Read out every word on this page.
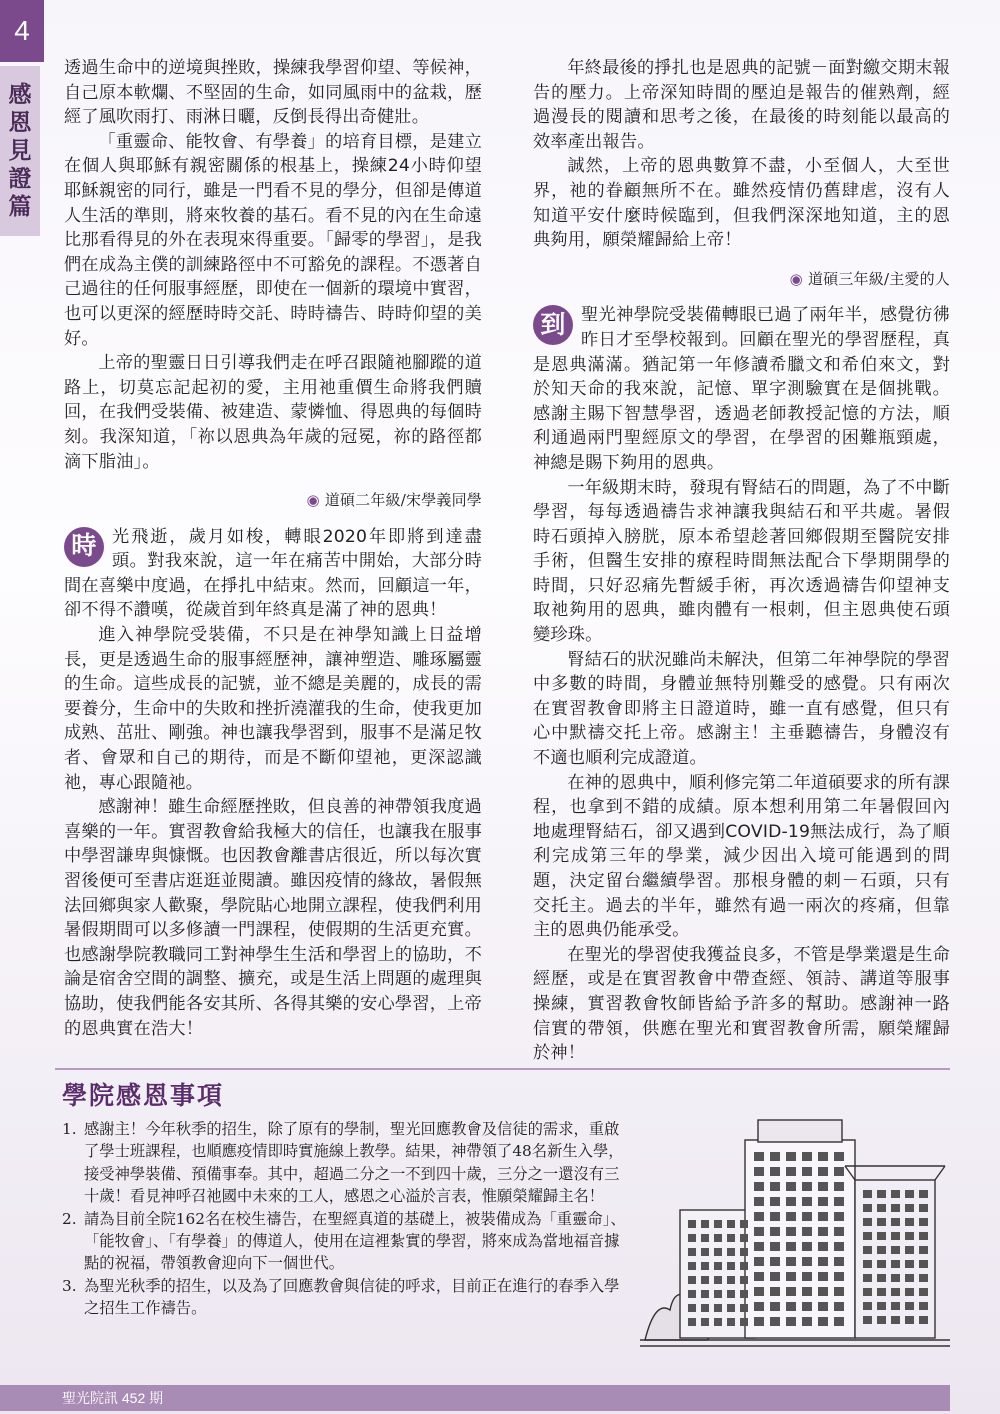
4
感
恩
見
證
篇

透過生命中的逆境與挫敗，操練我學習仰望、等候神，自己原本軟爛、不堅固的生命，如同風雨中的盆栽，歷經了風吹雨打、雨淋日曬，反倒長得出奇健壯。

「重靈命、能牧會、有學養」的培育目標，是建立在個人與耶穌有親密關係的根基上，操練24小時仰望耶穌親密的同行，雖是一門看不見的學分，但卻是傳道人生活的準則，將來牧養的基石。看不見的內在生命遠比那看得見的外在表現來得重要。「歸零的學習」，是我們在成為主僕的訓練路徑中不可豁免的課程。不憑著自己過往的任何服事經歷，即使在一個新的環境中實習，也可以更深的經歷時時交託、時時禱告、時時仰望的美好。

上帝的聖靈日日引導我們走在呼召跟隨祂腳蹤的道路上，切莫忘記起初的愛，主用祂重價生命將我們贖回，在我們受裝備、被建造、蒙憐恤、得恩典的每個時刻。我深知道，「祢以恩典為年歲的冠冕，祢的路徑都滴下脂油」。

◉ 道碩二年級/宋學義同學

時 光飛逝，歲月如梭，轉眼2020年即將到達盡頭。對我來說，這一年在痛苦中開始，大部分時間在喜樂中度過，在掙扎中結束。然而，回顧這一年，卻不得不讚嘆，從歲首到年終真是滿了神的恩典！

進入神學院受裝備，不只是在神學知識上日益增長，更是透過生命的服事經歷神，讓神塑造、雕琢屬靈的生命。這些成長的記號，並不總是美麗的，成長的需要養分，生命中的失敗和挫折澆灌我的生命，使我更加成熟、茁壯、剛強。神也讓我學習到，服事不是滿足牧者、會眾和自己的期待，而是不斷仰望祂，更深認識祂，專心跟隨祂。

感謝神！雖生命經歷挫敗，但良善的神帶領我度過喜樂的一年。實習教會給我極大的信任，也讓我在服事中學習謙卑與慷慨。也因教會離書店很近，所以每次實習後便可至書店逛逛並閱讀。雖因疫情的緣故，暑假無法回鄉與家人歡聚，學院貼心地開立課程，使我們利用暑假期間可以多修讀一門課程，使假期的生活更充實。也感謝學院教職同工對神學生生活和學習上的協助，不論是宿舍空間的調整、擴充，或是生活上問題的處理與協助，使我們能各安其所、各得其樂的安心學習，上帝的恩典實在浩大！

年終最後的掙扎也是恩典的記號－面對繳交期末報告的壓力。上帝深知時間的壓迫是報告的催熟劑，經過漫長的閱讀和思考之後，在最後的時刻能以最高的效率產出報告。

誠然，上帝的恩典數算不盡，小至個人，大至世界，祂的眷顧無所不在。雖然疫情仍舊肆虐，沒有人知道平安什麼時候臨到，但我們深深地知道，主的恩典夠用，願榮耀歸給上帝！

◉ 道碩三年級/主愛的人

到 聖光神學院受裝備轉眼已過了兩年半，感覺彷彿昨日才至學校報到。回顧在聖光的學習歷程，真是恩典滿滿。猶記第一年修讀希臘文和希伯來文，對於知天命的我來說，記憶、單字測驗實在是個挑戰。感謝主賜下智慧學習，透過老師教授記憶的方法，順利通過兩門聖經原文的學習，在學習的困難瓶頸處，神總是賜下夠用的恩典。

一年級期末時，發現有腎結石的問題，為了不中斷學習，每每透過禱告求神讓我與結石和平共處。暑假時石頭掉入膀胱，原本希望趁著回鄉假期至醫院安排手術，但醫生安排的療程時間無法配合下學期開學的時間，只好忍痛先暫緩手術，再次透過禱告仰望神支取祂夠用的恩典，雖肉體有一根刺，但主恩典使石頭變珍珠。

腎結石的狀況雖尚未解決，但第二年神學院的學習中多數的時間，身體並無特別難受的感覺。只有兩次在實習教會即將主日證道時，雖一直有感覺，但只有心中默禱交托上帝。感謝主！主垂聽禱告，身體沒有不適也順利完成證道。

在神的恩典中，順利修完第二年道碩要求的所有課程，也拿到不錯的成績。原本想利用第二年暑假回內地處理腎結石，卻又遇到COVID-19無法成行，為了順利完成第三年的學業，減少因出入境可能遇到的問題，決定留台繼續學習。那根身體的刺－石頭，只有交托主。過去的半年，雖然有過一兩次的疼痛，但靠主的恩典仍能承受。

在聖光的學習使我獲益良多，不管是學業還是生命經歷，或是在實習教會中帶查經、領詩、講道等服事操練，實習教會牧師皆給予許多的幫助。感謝神一路信實的帶領，供應在聖光和實習教會所需，願榮耀歸於神！

學院感恩事項
1. 感謝主！今年秋季的招生，除了原有的學制，聖光回應教會及信徒的需求，重啟了學士班課程，也順應疫情即時實施線上教學。結果，神帶領了48名新生入學，接受神學裝備、預備事奉。其中，超過二分之一不到四十歲，三分之一還沒有三十歲！看見神呼召祂國中未來的工人，感恩之心溢於言表，惟願榮耀歸主名！
2. 請為目前全院162名在校生禱告，在聖經真道的基礎上，被裝備成為「重靈命」、「能牧會」、「有學養」的傳道人，使用在這裡紮實的學習，將來成為當地福音據點的祝福，帶領教會迎向下一個世代。
3. 為聖光秋季的招生，以及為了回應教會與信徒的呼求，目前正在進行的春季入學之招生工作禱告。
聖光院訊 452 期
